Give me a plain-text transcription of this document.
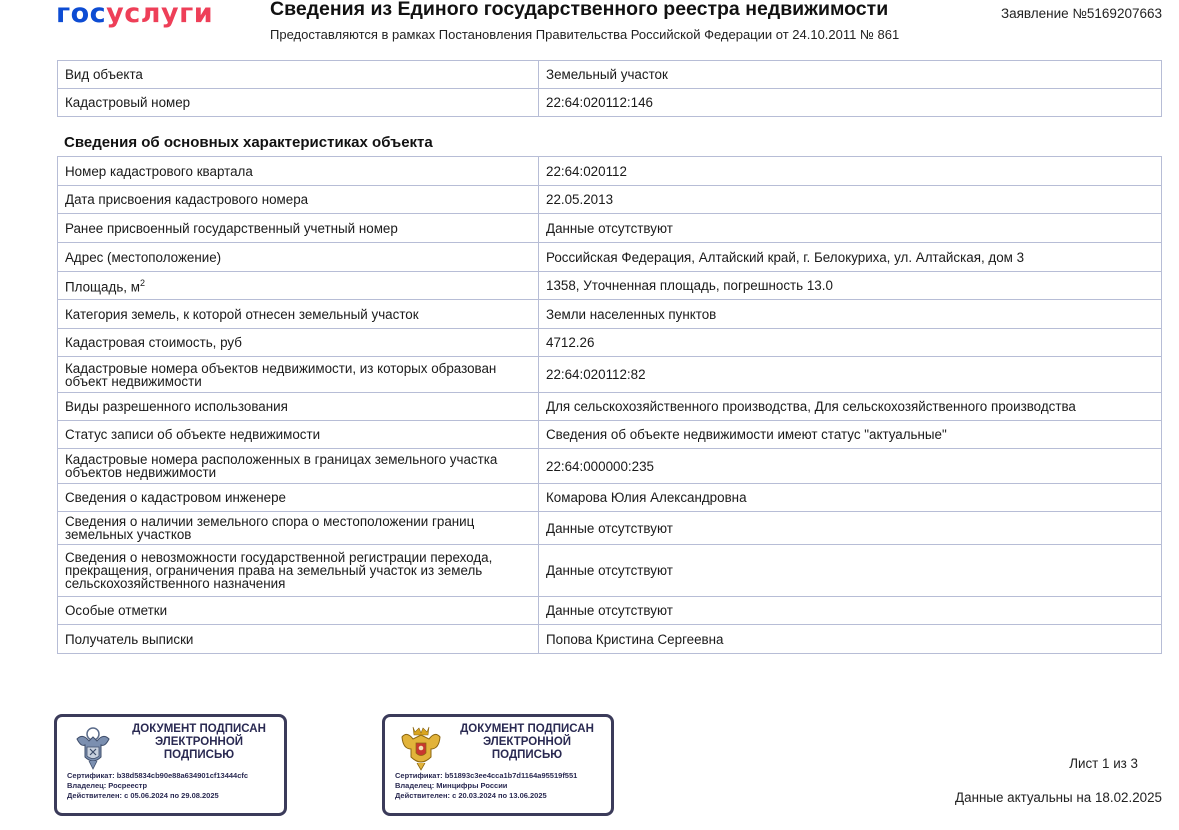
госуслуги	Сведения из Единого государственного реестра недвижимости
Предоставляются в рамках Постановления Правительства Российской Федерации от 24.10.2011 № 861
Заявление №5169207663
Вид объекта	Земельный участок
Кадастровый номер	22:64:020112:146
Сведения об основных характеристиках объекта
Номер кадастрового квартала	22:64:020112
Дата присвоения кадастрового номера	22.05.2013
Ранее присвоенный государственный учетный номер	Данные отсутствуют
Адрес (местоположение)	Российская Федерация, Алтайский край, г. Белокуриха, ул. Алтайская, дом 3
Площадь, $м^2$	1358, Уточненная площадь, погрешность 13.0
Категория земель, к которой отнесен земельный участок	Земли населенных пунктов
Кадастровая стоимость, руб	4712.26
Кадастровые номера объектов недвижимости, из которых образован объект недвижимости	22:64:020112:82
Виды разрешенного использования	Для сельскохозяйственного производства, Для сельскохозяйственного производства
Статус записи об объекте недвижимости	Сведения об объекте недвижимости имеют статус "актуальные"
Кадастровые номера расположенных в границах земельного участка объектов недвижимости	22:64:000000:235
Сведения о кадастровом инженере	Комарова Юлия Александровна
Сведения о наличии земельного спора о местоположении границ земельных участков	Данные отсутствуют
Сведения о невозможности государственной регистрации перехода, прекращения, ограничения права на земельный участок из земель сельскохозяйственного назначения	Данные отсутствуют
Особые отметки	Данные отсутствуют
Получатель выписки	Попова Кристина Сергеевна
ДОКУМЕНТ ПОДПИСАН
ЭЛЕКТРОННОЙ
ПОДПИСЬЮ
Сертификат: b38d5834cb90e88a634901cf13444cfc
Владелец: Росреестр
Действителен: с 05.06.2024 по 29.08.2025
ДОКУМЕНТ ПОДПИСАН
ЭЛЕКТРОННОЙ
ПОДПИСЬЮ
Сертификат: b51893c3ee4cca1b7d1164a95519f551
Владелец: Минцифры России
Действителен: с 20.03.2024 по 13.06.2025
Лист 1 из 3
Данные актуальны на 18.02.2025
